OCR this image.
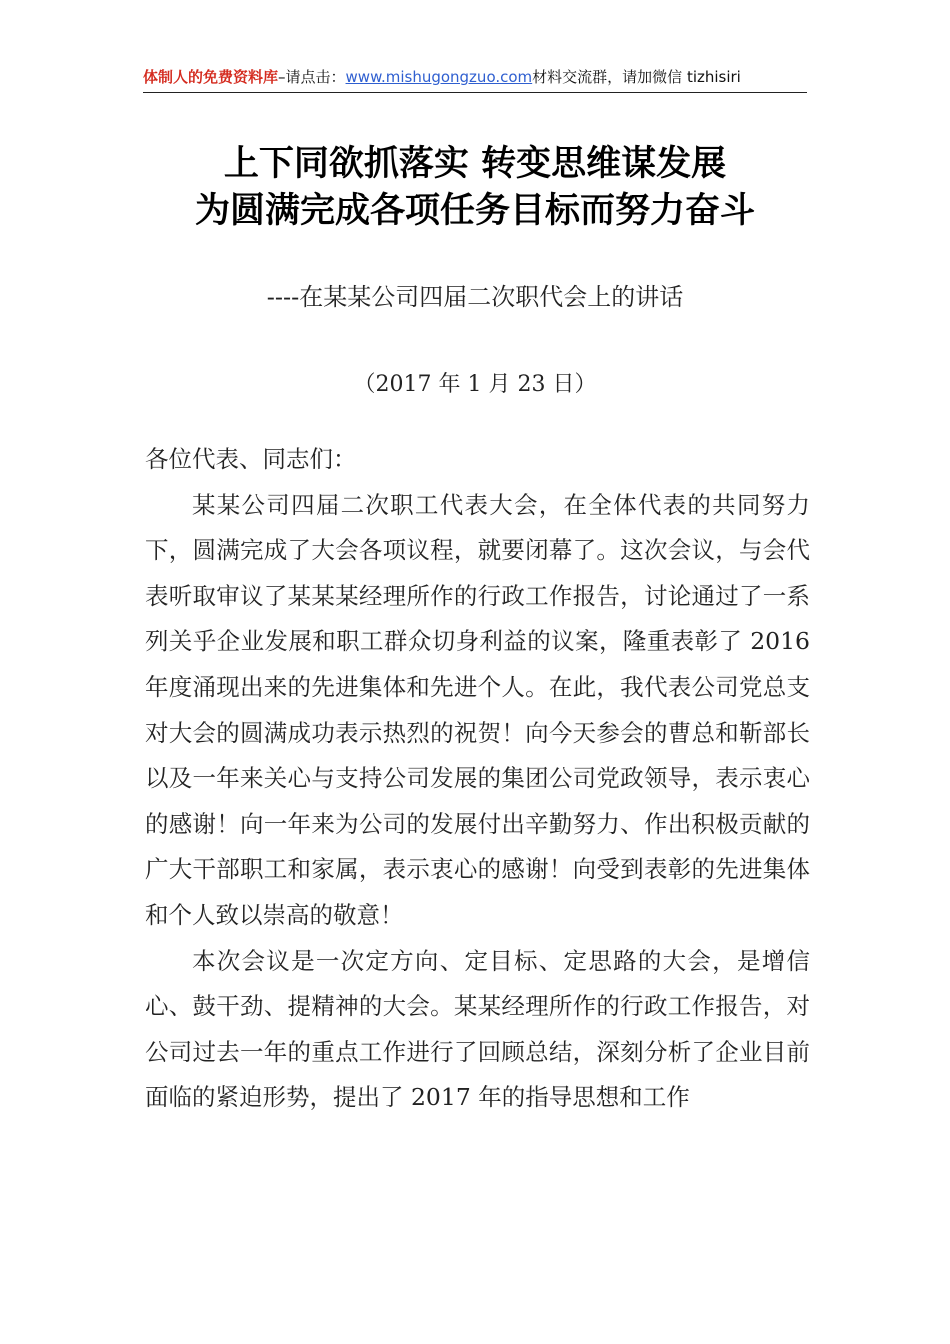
体制人的免费资料库–请点击：www.mishugongzuo.com材料交流群，请加微信 tizhisiri
上下同欲抓落实 转变思维谋发展
为圆满完成各项任务目标而努力奋斗
----在某某公司四届二次职代会上的讲话
（2017 年 1 月 23 日）

各位代表、同志们：

某某公司四届二次职工代表大会，在全体代表的共同努力下，圆满完成了大会各项议程，就要闭幕了。这次会议，与会代表听取审议了某某某经理所作的行政工作报告，讨论通过了一系列关乎企业发展和职工群众切身利益的议案，隆重表彰了 2016 年度涌现出来的先进集体和先进个人。在此，我代表公司党总支对大会的圆满成功表示热烈的祝贺！向今天参会的曹总和靳部长以及一年来关心与支持公司发展的集团公司党政领导，表示衷心的感谢！向一年来为公司的发展付出辛勤努力、作出积极贡献的广大干部职工和家属，表示衷心的感谢！向受到表彰的先进集体和个人致以崇高的敬意！

本次会议是一次定方向、定目标、定思路的大会，是增信心、鼓干劲、提精神的大会。某某经理所作的行政工作报告，对公司过去一年的重点工作进行了回顾总结，深刻分析了企业目前面临的紧迫形势，提出了 2017 年的指导思想和工作
